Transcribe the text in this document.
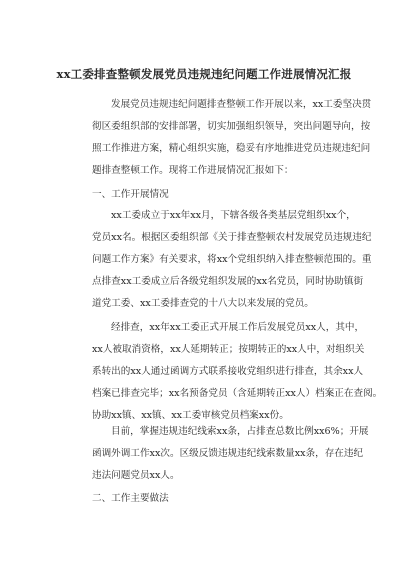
xx工委排查整顿发展党员违规违纪问题工作进展情况汇报
发展党员违规违纪问题排查整顿工作开展以来，xx工委坚决贯
彻区委组织部的安排部署，切实加强组织领导，突出问题导向，按
照工作推进方案，精心组织实施，稳妥有序地推进党员违规违纪问
题排查整顿工作。现将工作进展情况汇报如下：
一、工作开展情况
xx工委成立于xx年xx月，下辖各级各类基层党组织xx个，
党员xx名。根据区委组织部《关于排查整顿农村发展党员违规违纪
问题工作方案》有关要求，将xx个党组织纳入排查整顿范围的。重
点排查xx工委成立后各级党组织发展的xx名党员，同时协助镇街
道党工委、xx工委排查党的十八大以来发展的党员。
经排查，xx年xx工委正式开展工作后发展党员xx人，其中，
xx人被取消资格，xx人延期转正；按期转正的xx人中，对组织关
系转出的xx人通过函调方式联系接收党组织进行排查，其余xx人
档案已排查完毕；xx名预备党员（含延期转正xx人）档案正在查阅。
协助xx镇、xx镇、xx工委审核党员档案xx份。
目前，掌握违规违纪线索xx条，占排查总数比例xx6%；开展
函调外调工作xx次。区级反馈违规违纪线索数量xx条，存在违纪
违法问题党员xx人。
二、工作主要做法
